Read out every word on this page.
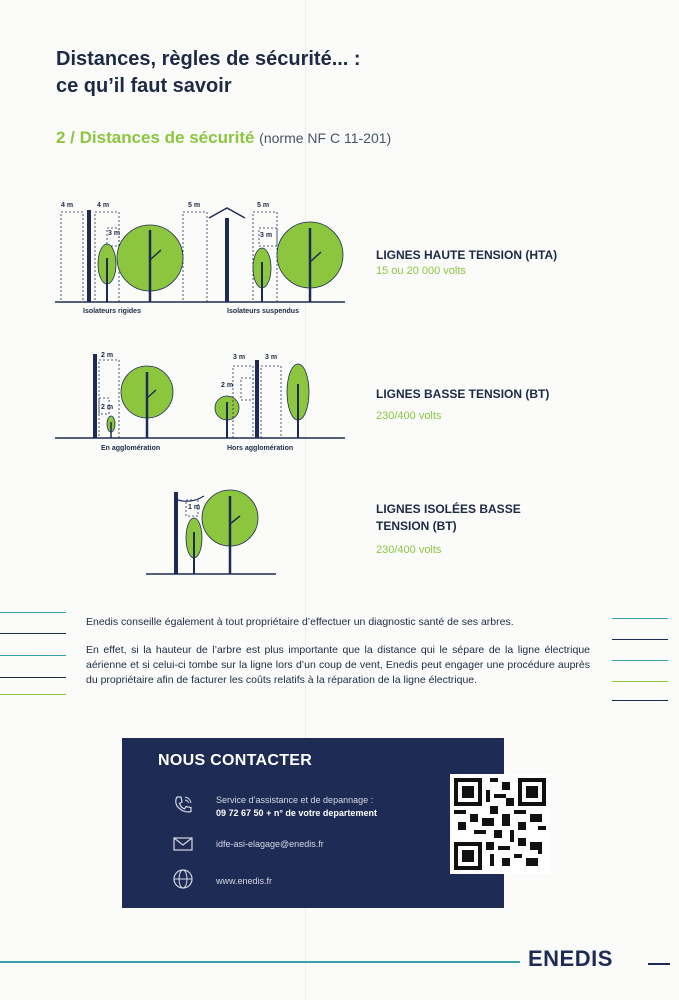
Distances, règles de sécurité... :
ce qu’il faut savoir
2 / Distances de sécurité (norme NF C 11-201)
4 m	4 m
3 m
5 m	5 m
3 m
Isolateurs rigides	Isolateurs suspendus
LIGNES HAUTE TENSION (HTA)
15 ou 20 000 volts
2 m
2 m
3 m
2 m
3 m
En agglomération	Hors agglomération
LIGNES BASSE TENSION (BT)
230/400 volts
1 m	LIGNES ISOLÉES BASSE
TENSION (BT)
230/400 volts
Enedis conseille également à tout propriétaire d’effectuer un diagnostic santé de ses arbres.
En effet, si la hauteur de l’arbre est plus importante que la distance qui le sépare de la ligne électrique aérienne et si celui-ci tombe sur la ligne lors d’un coup de vent, Enedis peut engager une procédure auprès du propriétaire afin de facturer les coûts relatifs à la réparation de la ligne électrique.
NOUS CONTACTER
Service d’assistance et de depannage :
09 72 67 50 + n° de votre departement
idfe-asi-elagage@enedis.fr
www.enedis.fr
ENEDIS
